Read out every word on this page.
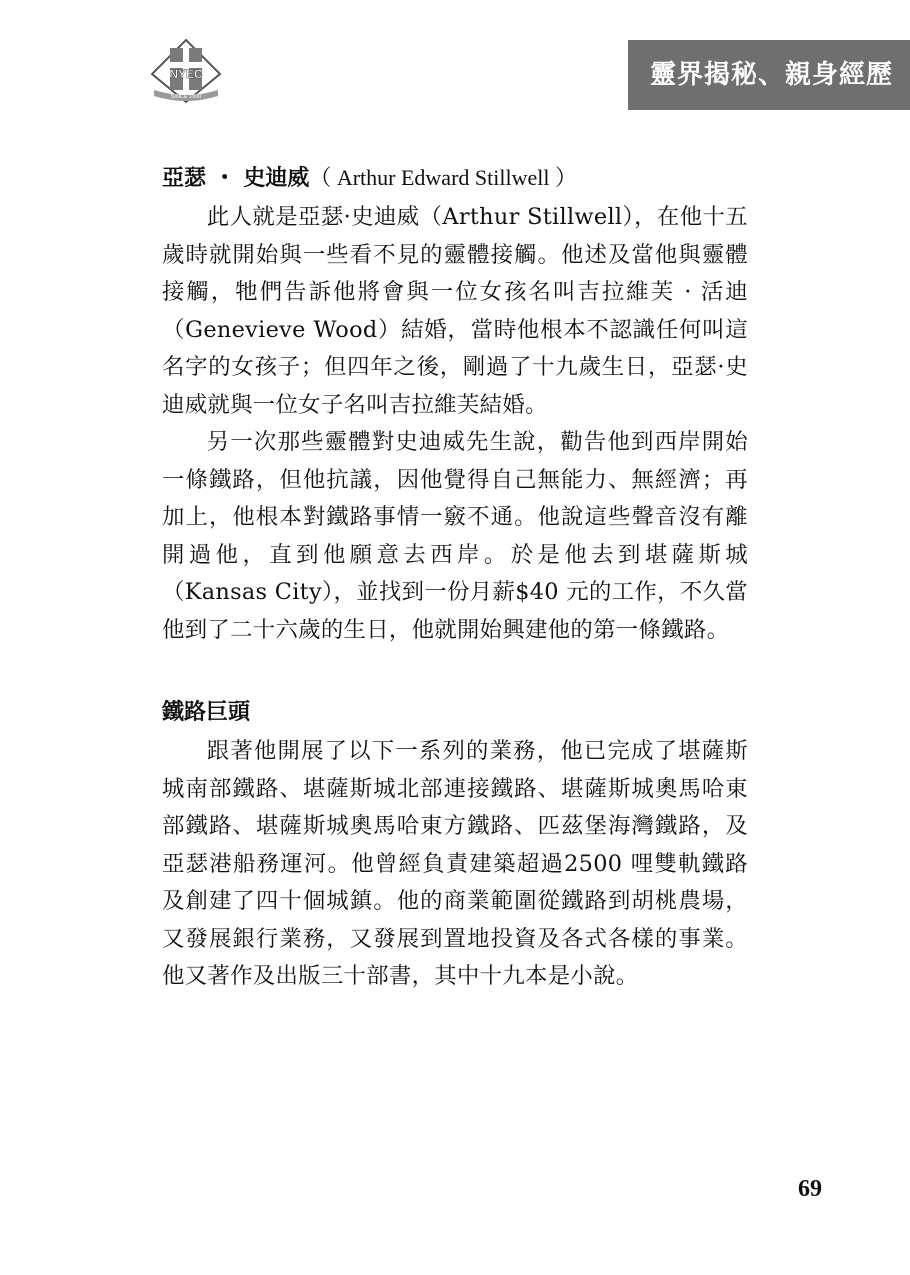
NYEC
SINCE 1990
靈界揭秘、親身經歷
亞瑟 ・ 史迪威（ Arthur Edward Stillwell ）

此人就是亞瑟·史迪威（Arthur Stillwell），在他十五歲時就開始與一些看不見的靈體接觸。他述及當他與靈體接觸，牠們告訴他將會與一位女孩名叫吉拉維芙 · 活迪（Genevieve Wood）結婚，當時他根本不認識任何叫這名字的女孩子；但四年之後，剛過了十九歲生日，亞瑟·史迪威就與一位女子名叫吉拉維芙結婚。

另一次那些靈體對史迪威先生說，勸告他到西岸開始一條鐵路，但他抗議，因他覺得自己無能力、無經濟；再加上，他根本對鐵路事情一竅不通。他說這些聲音沒有離開過他，直到他願意去西岸。於是他去到堪薩斯城（Kansas City），並找到一份月薪$40 元的工作，不久當他到了二十六歲的生日，他就開始興建他的第一條鐵路。

鐵路巨頭

跟著他開展了以下一系列的業務，他已完成了堪薩斯城南部鐵路、堪薩斯城北部連接鐵路、堪薩斯城奧馬哈東部鐵路、堪薩斯城奧馬哈東方鐵路、匹茲堡海灣鐵路，及亞瑟港船務運河。他曾經負責建築超過2500 哩雙軌鐵路及創建了四十個城鎮。他的商業範圍從鐵路到胡桃農場，又發展銀行業務，又發展到置地投資及各式各樣的事業。他又著作及出版三十部書，其中十九本是小說。

69
